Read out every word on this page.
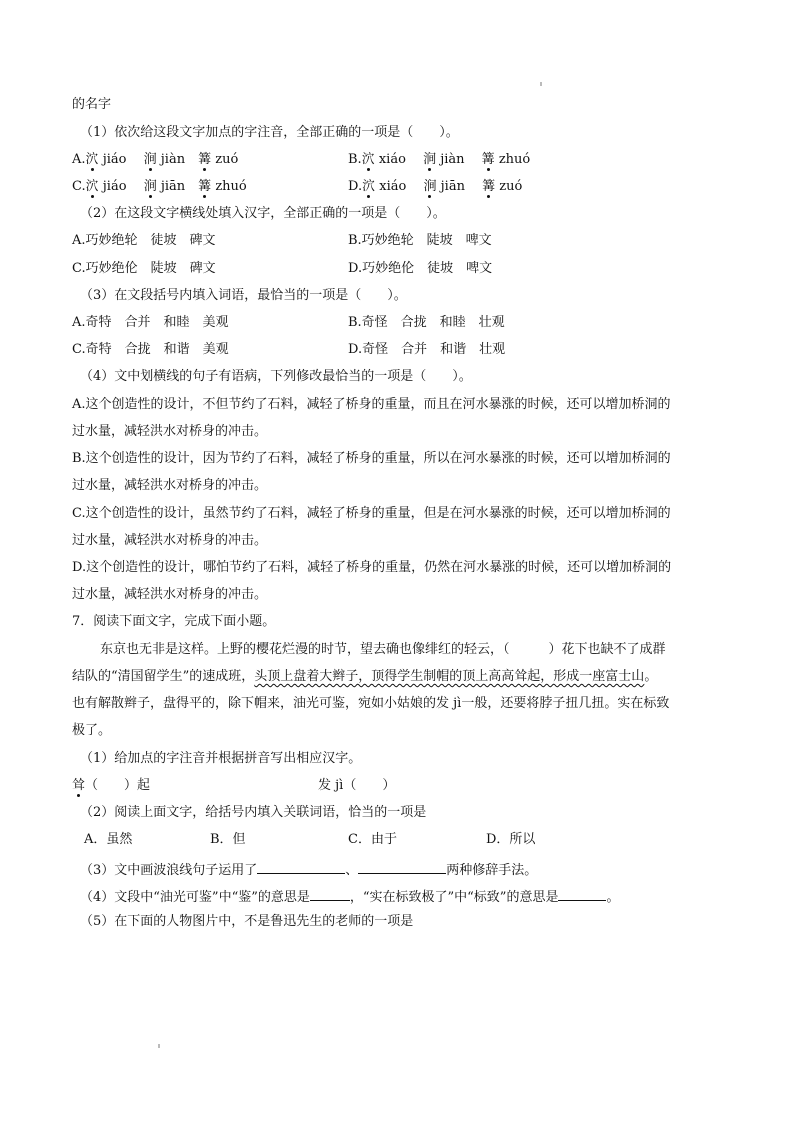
的名字
（1）依次给这段文字加点的字注音，全部正确的一项是（　　）。
A.泬 jiáo　 涧 jiàn　 篝 zuó	B.泬 xiáo　 涧 jiàn　 篝 zhuó
C.泬 jiáo　 涧 jiān　 篝 zhuó	D.泬 xiáo　 涧 jiān　 篝 zuó
（2）在这段文字横线处填入汉字，全部正确的一项是（　　）。
A.巧妙绝轮　徒坡　碑文	B.巧妙绝轮　陡坡　啤文
C.巧妙绝伦　陡坡　碑文	D.巧妙绝伦　徒坡　啤文
（3）在文段括号内填入词语，最恰当的一项是（　　）。
A.奇特　合并　和睦　美观	B.奇怪　合拢　和睦　壮观
C.奇特　合拢　和谐　美观	D.奇怪　合并　和谐　壮观
（4）文中划横线的句子有语病，下列修改最恰当的一项是（　　）。
A.这个创造性的设计，不但节约了石料，减轻了桥身的重量，而且在河水暴涨的时候，还可以增加桥洞的
过水量，减轻洪水对桥身的冲击。
B.这个创造性的设计，因为节约了石料，减轻了桥身的重量，所以在河水暴涨的时候，还可以增加桥洞的
过水量，减轻洪水对桥身的冲击。
C.这个创造性的设计，虽然节约了石料，减轻了桥身的重量，但是在河水暴涨的时候，还可以增加桥洞的
过水量，减轻洪水对桥身的冲击。
D.这个创造性的设计，哪怕节约了石料，减轻了桥身的重量，仍然在河水暴涨的时候，还可以增加桥洞的
过水量，减轻洪水对桥身的冲击。
7．阅读下面文字，完成下面小题。
东京也无非是这样。上野的樱花烂漫的时节，望去确也像绯红的轻云，（　　　）花下也缺不了成群
结队的“清国留学生”的速成班，头顶上盘着大辫子，顶得学生制帽的顶上高高耸起，形成一座富士山。
也有解散辫子，盘得平的，除下帽来，油光可鉴，宛如小姑娘的发 jì一般，还要将脖子扭几扭。实在标致
极了。
（1）给加点的字注音并根据拼音写出相应汉字。
耸（　　）起	发 jì（　　）
（2）阅读上面文字，给括号内填入关联词语，恰当的一项是
A．虽然	B．但	C．由于	D．所以
（3）文中画波浪线句子运用了	、	两种修辞手法。
（4）文段中“油光可鉴”中“鉴”的意思是	，“实在标致极了”中“标致”的意思是	。
（5）在下面的人物图片中，不是鲁迅先生的老师的一项是
